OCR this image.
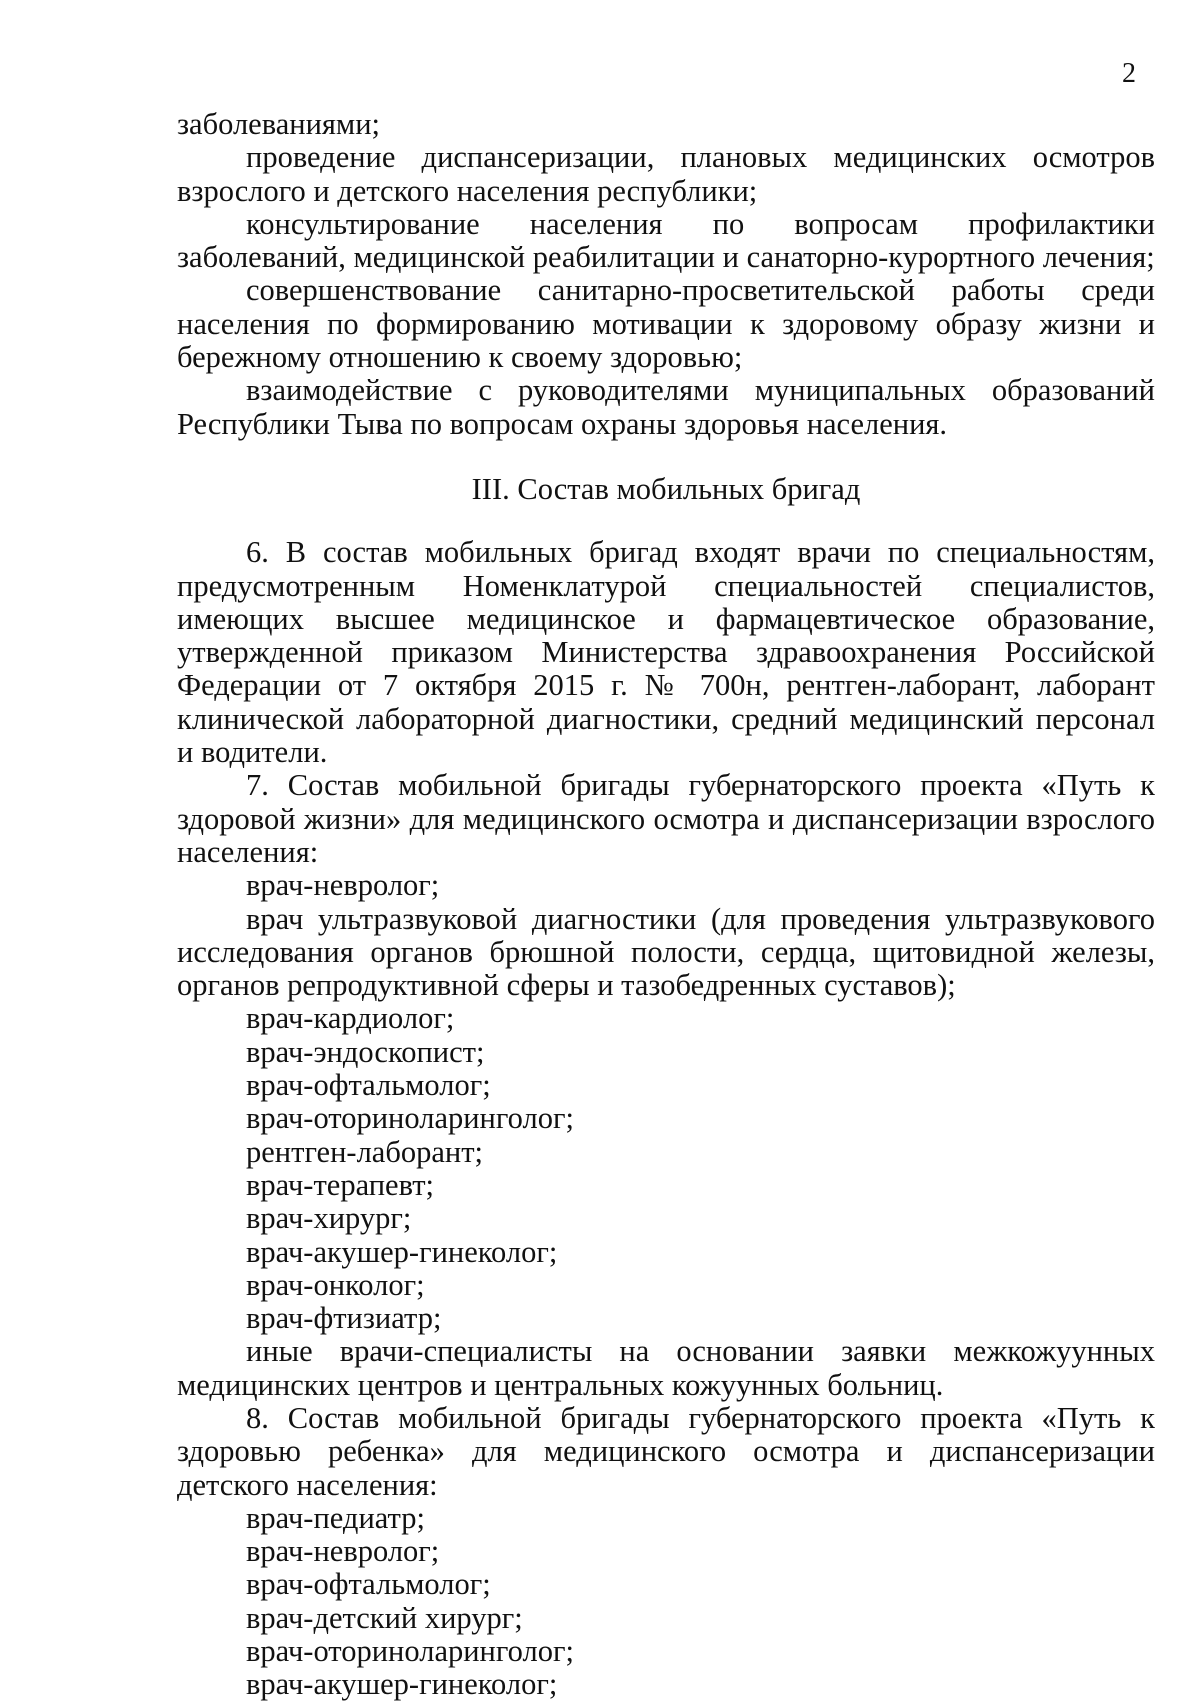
2

заболеваниями;

проведение диспансеризации, плановых медицинских осмотров взрослого и детского населения республики;

консультирование населения по вопросам профилактики заболеваний, медицинской реабилитации и санаторно-курортного лечения;

совершенствование санитарно-просветительской работы среди населения по формированию мотивации к здоровому образу жизни и бережному отношению к своему здоровью;

взаимодействие с руководителями муниципальных образований Республики Тыва по вопросам охраны здоровья населения.

III. Состав мобильных бригад

6. В состав мобильных бригад входят врачи по специальностям, предусмотренным Номенклатурой специальностей специалистов, имеющих высшее медицинское и фармацевтическое образование, утвержденной приказом Министерства здравоохранения Российской Федерации от 7 октября 2015 г. № 700н, рентген-лаборант, лаборант клинической лабораторной диагностики, средний медицинский персонал и водители.

7. Состав мобильной бригады губернаторского проекта «Путь к здоровой жизни» для медицинского осмотра и диспансеризации взрослого населения:

врач-невролог;

врач ультразвуковой диагностики (для проведения ультразвукового исследования органов брюшной полости, сердца, щитовидной железы, органов репродуктивной сферы и тазобедренных суставов);

врач-кардиолог;

врач-эндоскопист;

врач-офтальмолог;

врач-оториноларинголог;

рентген-лаборант;

врач-терапевт;

врач-хирург;

врач-акушер-гинеколог;

врач-онколог;

врач-фтизиатр;

иные врачи-специалисты на основании заявки межкожуунных медицинских центров и центральных кожуунных больниц.

8. Состав мобильной бригады губернаторского проекта «Путь к здоровью ребенка» для медицинского осмотра и диспансеризации детского населения:

врач-педиатр;

врач-невролог;

врач-офтальмолог;

врач-детский хирург;

врач-оториноларинголог;

врач-акушер-гинеколог;
